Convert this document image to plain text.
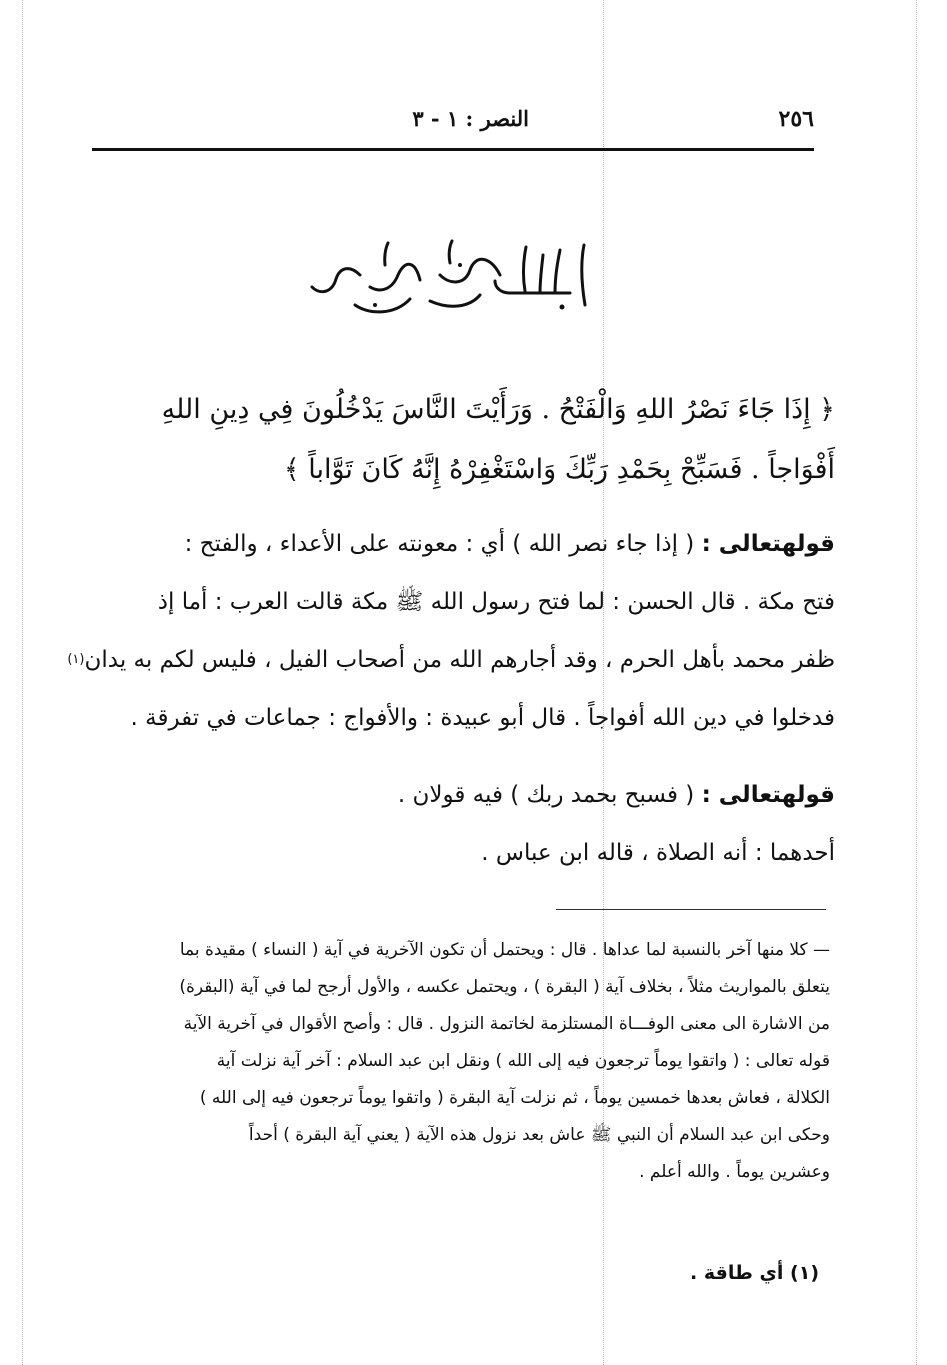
٢٥٦
النصر : ١ - ٣

﴿ إِذَا جَاءَ نَصْرُ اللهِ وَالْفَتْحُ . وَرَأَيْتَ النَّاسَ يَدْخُلُونَ فِي دِينِ اللهِ

أَفْوَاجاً . فَسَبِّحْ بِحَمْدِ رَبِّكَ وَاسْتَغْفِرْهُ إِنَّهُ كَانَ تَوَّاباً ﴾

قولهتعالى : ( إذا جاء نصر الله ) أي : معونته على الأعداء ، والفتح :

فتح مكة . قال الحسن : لما فتح رسول الله ﷺ مكة قالت العرب : أما إذ

ظفر محمد بأهل الحرم ، وقد أجارهم الله من أصحاب الفيل ، فليس لكم به يدان$^{(١)}$

فدخلوا في دين الله أفواجاً . قال أبو عبيدة : والأفواج : جماعات في تفرقة .

قولهتعالى : ( فسبح بحمد ربك ) فيه قولان .

أحدهما : أنه الصلاة ، قاله ابن عباس .

— كلا منها آخر بالنسبة لما عداها . قال : ويحتمل أن تكون الآخرية في آية ( النساء ) مقيدة بما

يتعلق بالمواريث مثلاً ، بخلاف آية ( البقرة ) ، ويحتمل عكسه ، والأول أرجح لما في آية (البقرة)

من الاشارة الى معنى الوفـــاة المستلزمة لخاتمة النزول . قال : وأصح الأقوال في آخرية الآية

قوله تعالى : ( واتقوا يوماً ترجعون فيه إلى الله ) ونقل ابن عبد السلام : آخر آية نزلت آية

الكلالة ، فعاش بعدها خمسين يوماً ، ثم نزلت آية البقرة ( واتقوا يوماً ترجعون فيه إلى الله )

وحكى ابن عبد السلام أن النبي ﷺ عاش بعد نزول هذه الآية ( يعني آية البقرة ) أحداً

وعشرين يوماً . والله أعلم .

(١) أي طاقة .
